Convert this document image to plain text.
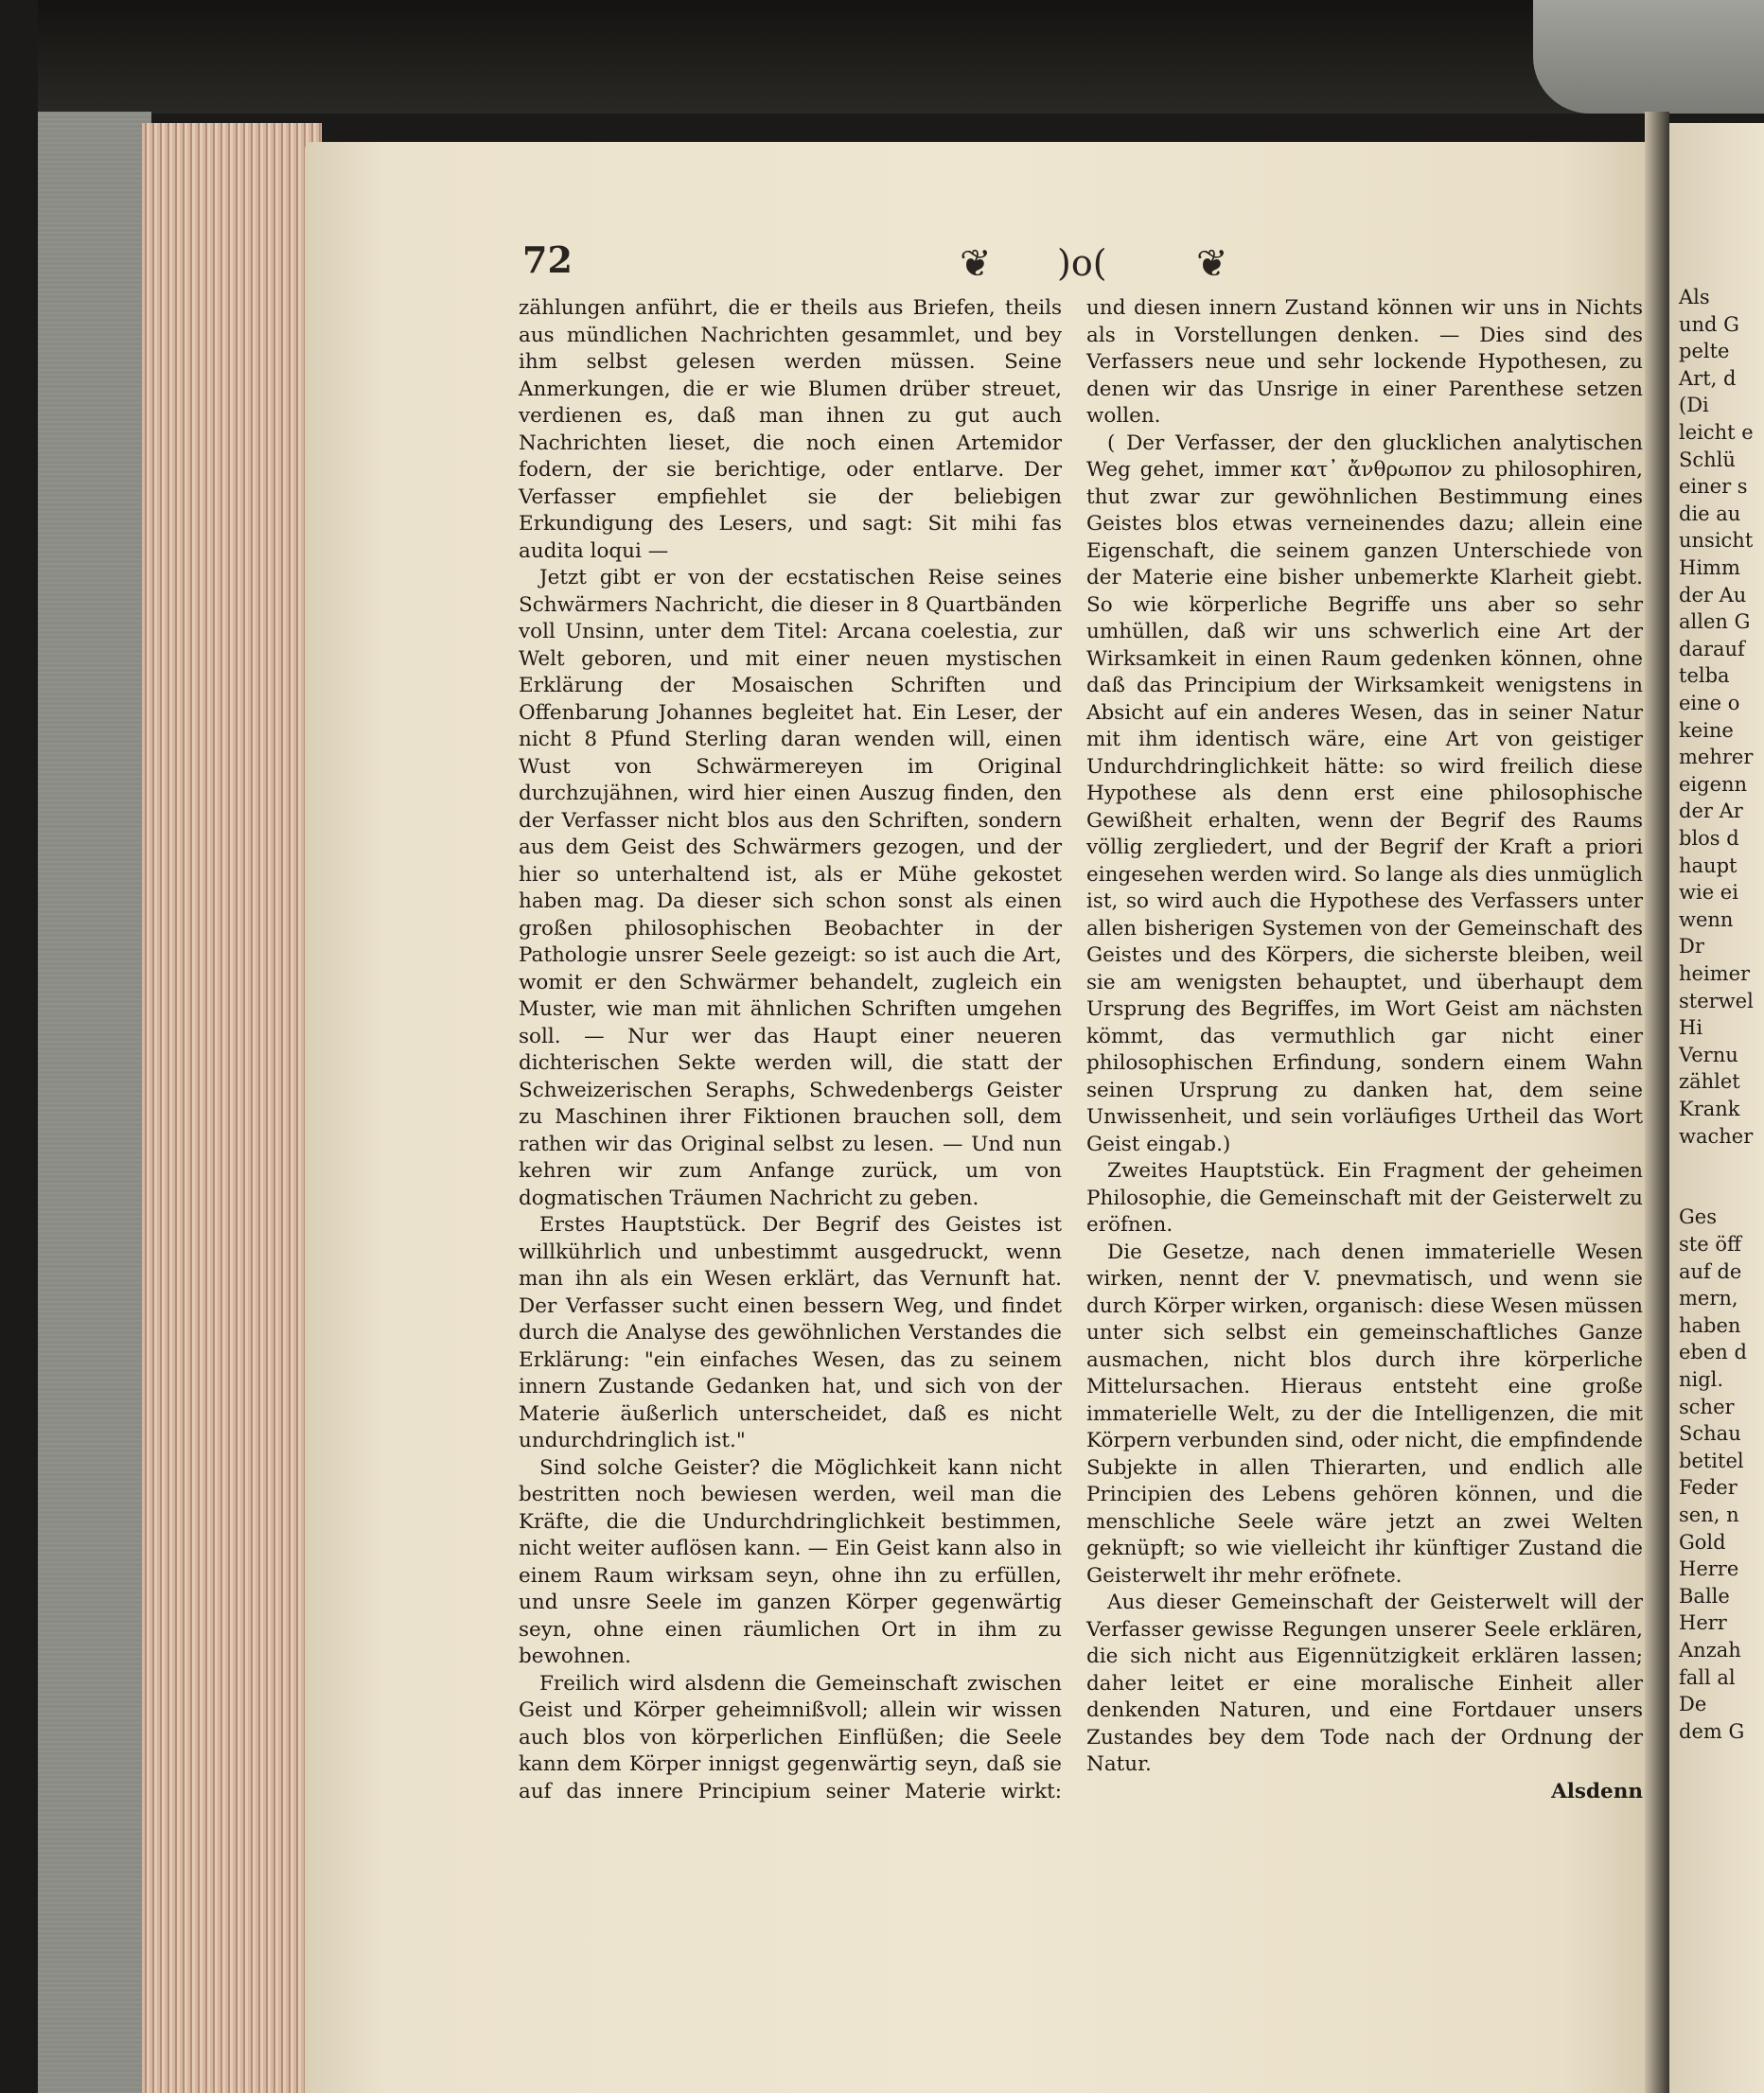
72	❦ )o( ❦

zählungen anführt, die er theils aus Briefen, theils aus mündlichen Nachrichten gesammlet, und bey ihm selbst gelesen werden müssen. Seine Anmerkungen, die er wie Blumen drüber streuet, verdienen es, daß man ihnen zu gut auch Nachrichten lieset, die noch einen Artemidor fodern, der sie berichtige, oder entlarve. Der Verfasser empfiehlet sie der beliebigen Erkundigung des Lesers, und sagt: Sit mihi fas audita loqui —

Jetzt gibt er von der ecstatischen Reise seines Schwärmers Nachricht, die dieser in 8 Quartbänden voll Unsinn, unter dem Titel: Arcana coelestia, zur Welt geboren, und mit einer neuen mystischen Erklärung der Mosaischen Schriften und Offenbarung Johannes begleitet hat. Ein Leser, der nicht 8 Pfund Sterling daran wenden will, einen Wust von Schwärmereyen im Original durchzujähnen, wird hier einen Auszug finden, den der Verfasser nicht blos aus den Schriften, sondern aus dem Geist des Schwärmers gezogen, und der hier so unterhaltend ist, als er Mühe gekostet haben mag. Da dieser sich schon sonst als einen großen philosophischen Beobachter in der Pathologie unsrer Seele gezeigt: so ist auch die Art, womit er den Schwärmer behandelt, zugleich ein Muster, wie man mit ähnlichen Schriften umgehen soll. — Nur wer das Haupt einer neueren dichterischen Sekte werden will, die statt der Schweizerischen Seraphs, Schwedenbergs Geister zu Maschinen ihrer Fiktionen brauchen soll, dem rathen wir das Original selbst zu lesen. — Und nun kehren wir zum Anfange zurück, um von dogmatischen Träumen Nachricht zu geben.

Erstes Hauptstück. Der Begrif des Geistes ist willkührlich und unbestimmt ausgedruckt, wenn man ihn als ein Wesen erklärt, das Vernunft hat. Der Verfasser sucht einen bessern Weg, und findet durch die Analyse des gewöhnlichen Verstandes die Erklärung: "ein einfaches Wesen, das zu seinem innern Zustande Gedanken hat, und sich von der Materie äußerlich unterscheidet, daß es nicht undurchdringlich ist."

Sind solche Geister? die Möglichkeit kann nicht bestritten noch bewiesen werden, weil man die Kräfte, die die Undurchdringlichkeit bestimmen, nicht weiter auflösen kann. — Ein Geist kann also in einem Raum wirksam seyn, ohne ihn zu erfüllen, und unsre Seele im ganzen Körper gegenwärtig seyn, ohne einen räumlichen Ort in ihm zu bewohnen.

Freilich wird alsdenn die Gemeinschaft zwischen Geist und Körper geheimnißvoll; allein wir wissen auch blos von körperlichen Einflüßen; die Seele kann dem Körper innigst gegenwärtig seyn, daß sie auf das innere Principium seiner Materie wirkt:

und diesen innern Zustand können wir uns in Nichts als in Vorstellungen denken. — Dies sind des Verfassers neue und sehr lockende Hypothesen, zu denen wir das Unsrige in einer Parenthese setzen wollen.

( Der Verfasser, der den glucklichen analytischen Weg gehet, immer κατ᾽ ἄνθρωπον zu philosophiren, thut zwar zur gewöhnlichen Bestimmung eines Geistes blos etwas verneinendes dazu; allein eine Eigenschaft, die seinem ganzen Unterschiede von der Materie eine bisher unbemerkte Klarheit giebt. So wie körperliche Begriffe uns aber so sehr umhüllen, daß wir uns schwerlich eine Art der Wirksamkeit in einen Raum gedenken können, ohne daß das Principium der Wirksamkeit wenigstens in Absicht auf ein anderes Wesen, das in seiner Natur mit ihm identisch wäre, eine Art von geistiger Undurchdringlichkeit hätte: so wird freilich diese Hypothese als denn erst eine philosophische Gewißheit erhalten, wenn der Begrif des Raums völlig zergliedert, und der Begrif der Kraft a priori eingesehen werden wird. So lange als dies unmüglich ist, so wird auch die Hypothese des Verfassers unter allen bisherigen Systemen von der Gemeinschaft des Geistes und des Körpers, die sicherste bleiben, weil sie am wenigsten behauptet, und überhaupt dem Ursprung des Begriffes, im Wort Geist am nächsten kömmt, das vermuthlich gar nicht einer philosophischen Erfindung, sondern einem Wahn seinen Ursprung zu danken hat, dem seine Unwissenheit, und sein vorläufiges Urtheil das Wort Geist eingab.)

Zweites Hauptstück. Ein Fragment der geheimen Philosophie, die Gemeinschaft mit der Geisterwelt zu eröfnen.

Die Gesetze, nach denen immaterielle Wesen wirken, nennt der V. pnevmatisch, und wenn sie durch Körper wirken, organisch: diese Wesen müssen unter sich selbst ein gemeinschaftliches Ganze ausmachen, nicht blos durch ihre körperliche Mittelursachen. Hieraus entsteht eine große immaterielle Welt, zu der die Intelligenzen, die mit Körpern verbunden sind, oder nicht, die empfindende Subjekte in allen Thierarten, und endlich alle Principien des Lebens gehören können, und die menschliche Seele wäre jetzt an zwei Welten geknüpft; so wie vielleicht ihr künftiger Zustand die Geisterwelt ihr mehr eröfnete.

Aus dieser Gemeinschaft der Geisterwelt will der Verfasser gewisse Regungen unserer Seele erklären, die sich nicht aus Eigennützigkeit erklären lassen; daher leitet er eine moralische Einheit aller denkenden Naturen, und eine Fortdauer unsers Zustandes bey dem Tode nach der Ordnung der Natur.

Alsdenn

Als
und G
pelte
Art, d
(Di
leicht e
Schlü
einer s
die au
unsicht
Himm
der Au
allen G
darauf
telba
eine o
keine
mehrer
eigenn
der Ar
blos d
haupt
wie ei
wenn
Dr
heimer
sterwel
Hi
Vernu
zählet
Krank
wacher
Ges
ste öff
auf de
mern,
haben
eben d
nigl.
scher
Schau
betitel
Feder
sen, n
Gold
Herre
Balle
Herr
Anzah
fall al
De
dem G
